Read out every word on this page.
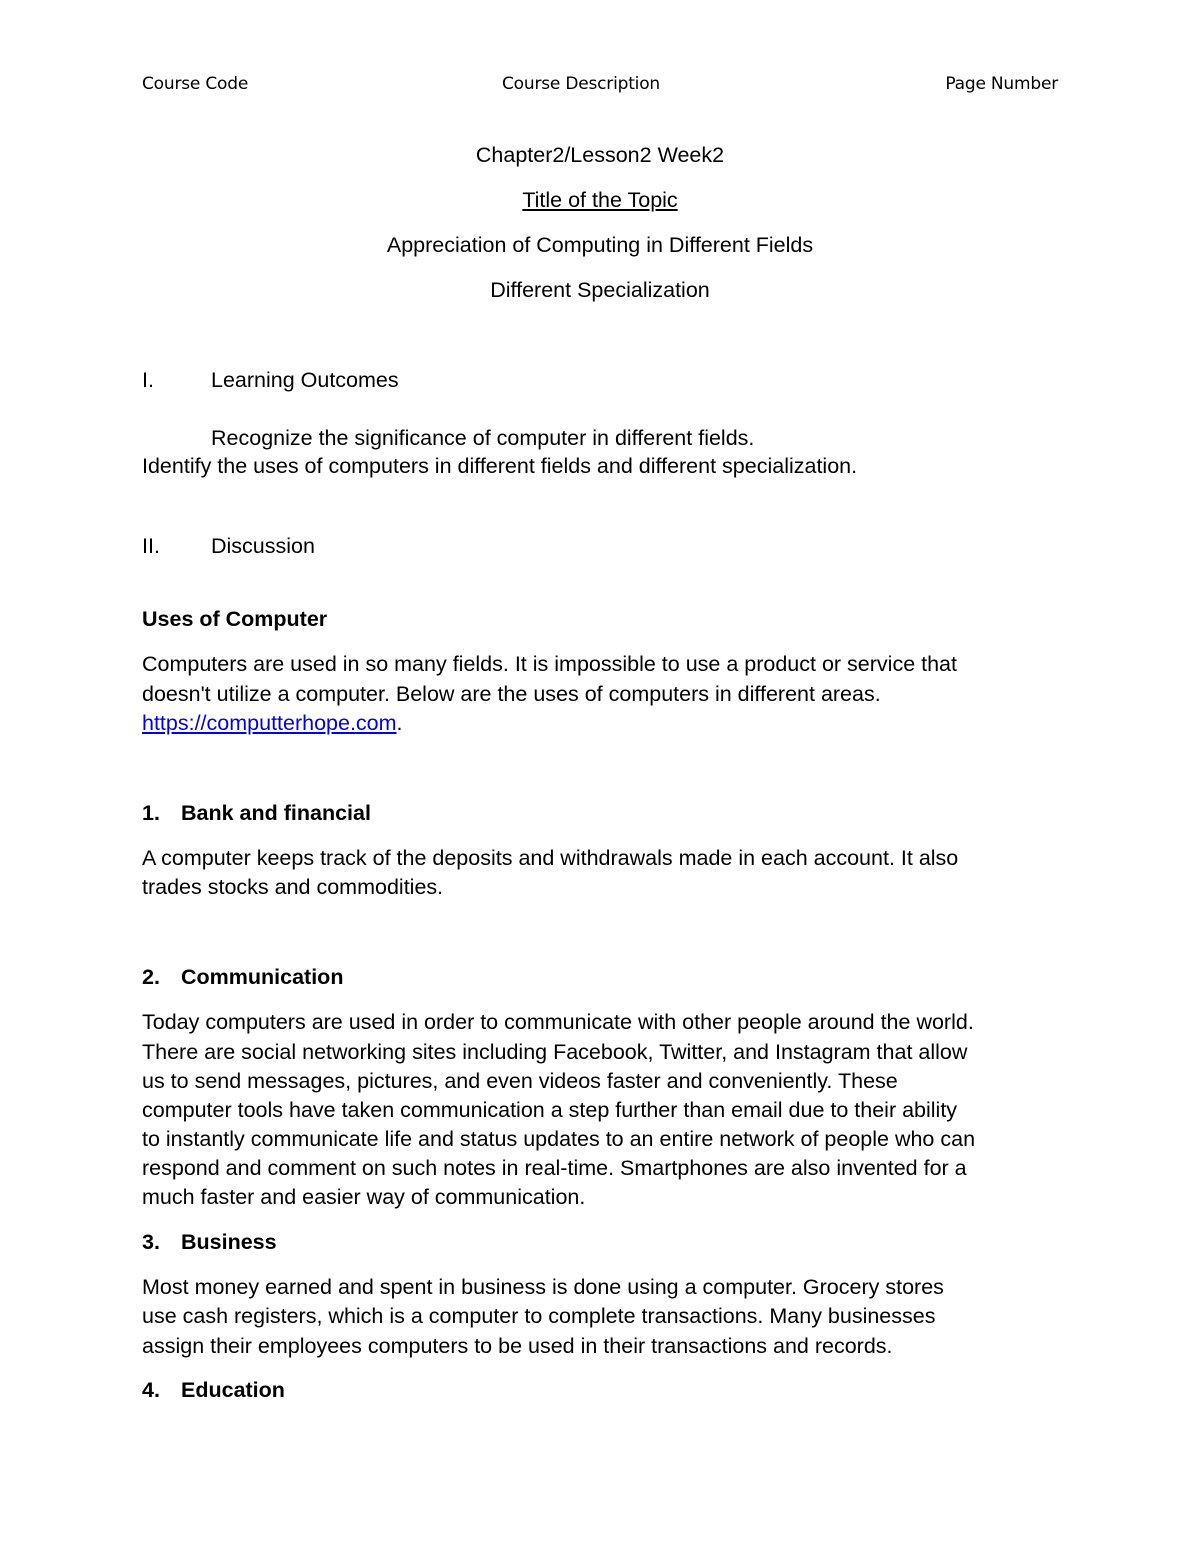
Course Code	Course Description	Page Number
Chapter2/Lesson2 Week2
Title of the Topic
Appreciation of Computing in Different Fields
Different Specialization
I.	Learning Outcomes
Recognize the significance of computer in different fields.
Identify the uses of computers in different fields and different specialization.
II. Discussion
Uses of Computer
Computers are used in so many fields. It is impossible to use a product or service that
doesn't utilize a computer. Below are the uses of computers in different areas.
https://computterhope.com.
1. Bank and financial
A computer keeps track of the deposits and withdrawals made in each account. It also
trades stocks and commodities.
2. Communication
Today computers are used in order to communicate with other people around the world.
There are social networking sites including Facebook, Twitter, and Instagram that allow
us to send messages, pictures, and even videos faster and conveniently. These
computer tools have taken communication a step further than email due to their ability
to instantly communicate life and status updates to an entire network of people who can
respond and comment on such notes in real-time. Smartphones are also invented for a
much faster and easier way of communication.
3. Business
Most money earned and spent in business is done using a computer. Grocery stores
use cash registers, which is a computer to complete transactions. Many businesses
assign their employees computers to be used in their transactions and records.
4. Education
